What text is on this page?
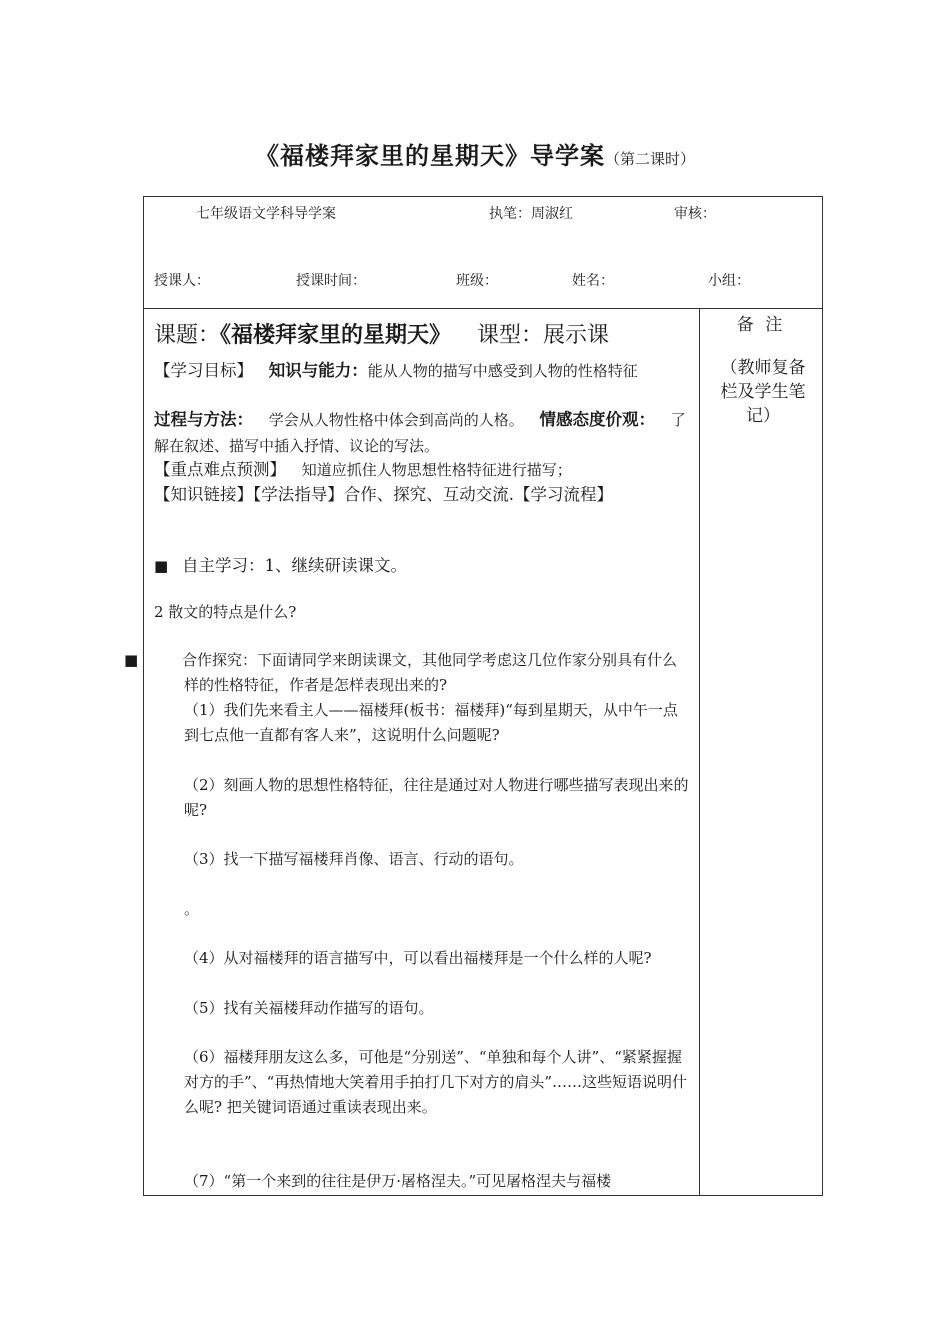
《福楼拜家里的星期天》导学案（第二课时）
七年级语文学科导学案	执笔：周淑红	审核：
授课人：	授课时间：	班级：	姓名：	小组：
课题：《福楼拜家里的星期天》 课型：展示课
【学习目标】 知识与能力：能从人物的描写中感受到人物的性格特征
过程与方法： 学会从人物性格中体会到高尚的人格。 情感态度价观： 了解在叙述、描写中插入抒情、议论的写法。
【重点难点预测】 知道应抓住人物思想性格特征进行描写；
【知识链接】【学法指导】合作、探究、互动交流.【学习流程】
■ 自主学习：1、继续研读课文。
2 散文的特点是什么?
■	合作探究：下面请同学来朗读课文，其他同学考虑这几位作家分别具有什么样的性格特征，作者是怎样表现出来的?
（1）我们先来看主人——福楼拜(板书：福楼拜)“每到星期天，从中午一点到七点他一直都有客人来”，这说明什么问题呢?
（2）刻画人物的思想性格特征，往往是通过对人物进行哪些描写表现出来的呢?
（3）找一下描写福楼拜肖像、语言、行动的语句。
。
（4）从对福楼拜的语言描写中，可以看出福楼拜是一个什么样的人呢?
（5）找有关福楼拜动作描写的语句。
（6）福楼拜朋友这么多，可他是“分别送”、“单独和每个人讲”、“紧紧握握对方的手”、“再热情地大笑着用手拍打几下对方的肩头”……这些短语说明什么呢? 把关键词语通过重读表现出来。
（7）“第一个来到的往往是伊万·屠格涅夫。”可见屠格涅夫与福楼
备 注
（教师复备栏及学生笔记）
